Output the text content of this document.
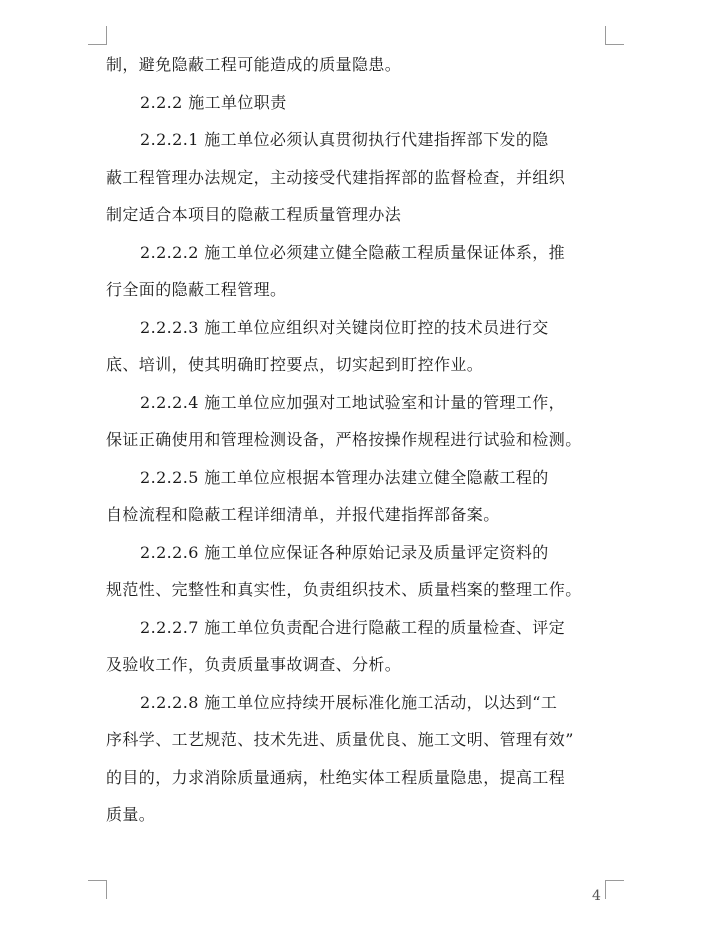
制，避免隐蔽工程可能造成的质量隐患。
2.2.2 施工单位职责
2.2.2.1 施工单位必须认真贯彻执行代建指挥部下发的隐
蔽工程管理办法规定，主动接受代建指挥部的监督检查，并组织
制定适合本项目的隐蔽工程质量管理办法
2.2.2.2 施工单位必须建立健全隐蔽工程质量保证体系，推
行全面的隐蔽工程管理。
2.2.2.3 施工单位应组织对关键岗位盯控的技术员进行交
底、培训，使其明确盯控要点，切实起到盯控作业。
2.2.2.4 施工单位应加强对工地试验室和计量的管理工作，
保证正确使用和管理检测设备，严格按操作规程进行试验和检测。
2.2.2.5 施工单位应根据本管理办法建立健全隐蔽工程的
自检流程和隐蔽工程详细清单，并报代建指挥部备案。
2.2.2.6 施工单位应保证各种原始记录及质量评定资料的
规范性、完整性和真实性，负责组织技术、质量档案的整理工作。
2.2.2.7 施工单位负责配合进行隐蔽工程的质量检查、评定
及验收工作，负责质量事故调查、分析。
2.2.2.8 施工单位应持续开展标准化施工活动，以达到“工
序科学、工艺规范、技术先进、质量优良、施工文明、管理有效”
的目的，力求消除质量通病，杜绝实体工程质量隐患，提高工程
质量。
4
